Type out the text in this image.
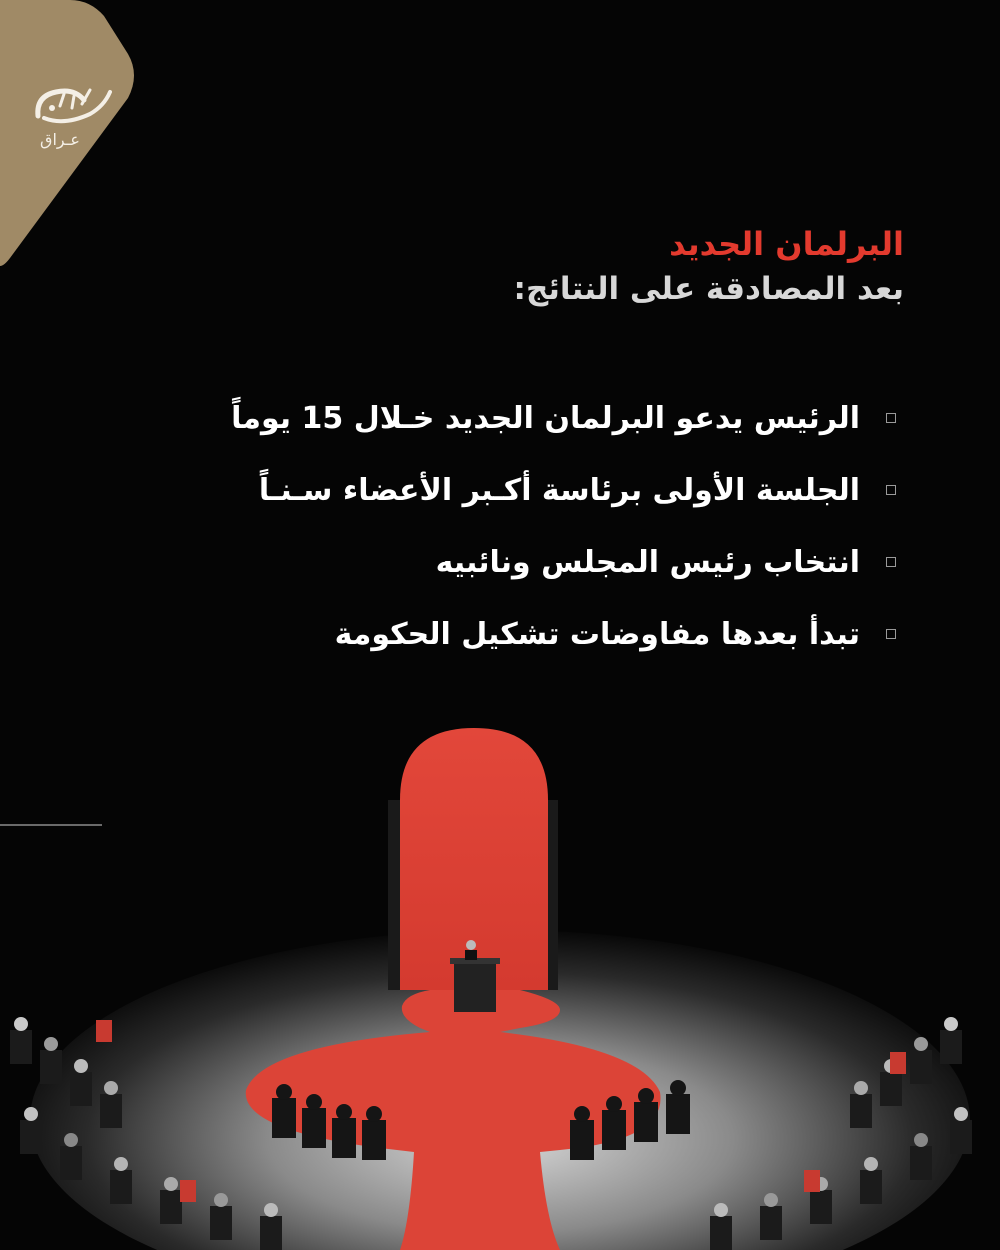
عـراق
البرلمان الجديد
بعد المصادقة على النتائج:
الرئيس يدعو البرلمان الجديد خـلال 15 يوماً
الجلسة الأولى برئاسة أكـبر الأعضاء سـنـاً
انتخاب رئيس المجلس ونائبيه
تبدأ بعدها مفاوضات تشكيل الحكومة
